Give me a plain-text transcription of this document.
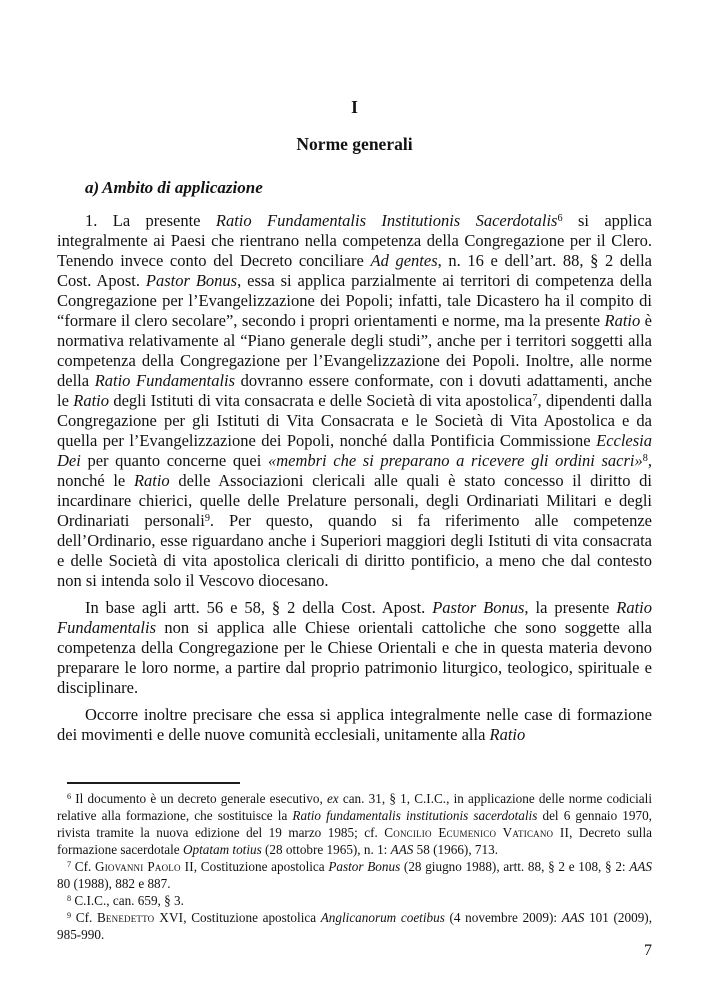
I
Norme generali
a) Ambito di applicazione

1. La presente Ratio Fundamentalis Institutionis Sacerdotalis$^6$ si applica integralmente ai Paesi che rientrano nella competenza della Congregazione per il Clero. Tenendo invece conto del Decreto conciliare Ad gentes, n. 16 e dell’art. 88, § 2 della Cost. Apost. Pastor Bonus, essa si applica parzialmente ai territori di competenza della Congregazione per l’Evangelizzazione dei Popoli; infatti, tale Dicastero ha il compito di “formare il clero secolare”, secondo i propri orientamenti e norme, ma la presente Ratio è normativa relativamente al “Piano generale degli studi”, anche per i territori soggetti alla competenza della Congregazione per l’Evangelizzazione dei Popoli. Inoltre, alle norme della Ratio Fundamentalis dovranno essere conformate, con i dovuti adattamenti, anche le Ratio degli Istituti di vita consacrata e delle Società di vita apostolica$^7$, dipendenti dalla Congregazione per gli Istituti di Vita Consacrata e le Società di Vita Apostolica e da quella per l’Evangelizzazione dei Popoli, nonché dalla Pontificia Commissione Ecclesia Dei per quanto concerne quei «membri che si preparano a ricevere gli ordini sacri»$^8$, nonché le Ratio delle Associazioni clericali alle quali è stato concesso il diritto di incardinare chierici, quelle delle Prelature personali, degli Ordinariati Militari e degli Ordinariati personali$^9$. Per questo, quando si fa riferimento alle competenze dell’Ordinario, esse riguardano anche i Superiori maggiori degli Istituti di vita consacrata e delle Società di vita apostolica clericali di diritto pontificio, a meno che dal contesto non si intenda solo il Vescovo diocesano.

In base agli artt. 56 e 58, § 2 della Cost. Apost. Pastor Bonus, la presente Ratio Fundamentalis non si applica alle Chiese orientali cattoliche che sono soggette alla competenza della Congregazione per le Chiese Orientali e che in questa materia devono preparare le loro norme, a partire dal proprio patrimonio liturgico, teologico, spirituale e disciplinare.

Occorre inoltre precisare che essa si applica integralmente nelle case di formazione dei movimenti e delle nuove comunità ecclesiali, unitamente alla Ratio

$^6$ Il documento è un decreto generale esecutivo, ex can. 31, § 1, C.I.C., in applicazione delle norme codiciali relative alla formazione, che sostituisce la Ratio fundamentalis institutionis sacerdotalis del 6 gennaio 1970, rivista tramite la nuova edizione del 19 marzo 1985; cf. Concilio Ecumenico Vaticano II, Decreto sulla formazione sacerdotale Optatam totius (28 ottobre 1965), n. 1: AAS 58 (1966), 713.

$^7$ Cf. Giovanni Paolo II, Costituzione apostolica Pastor Bonus (28 giugno 1988), artt. 88, § 2 e 108, § 2: AAS 80 (1988), 882 e 887.

$^8$ C.I.C., can. 659, § 3.

$^9$ Cf. Benedetto XVI, Costituzione apostolica Anglicanorum coetibus (4 novembre 2009): AAS 101 (2009), 985-990.

7
